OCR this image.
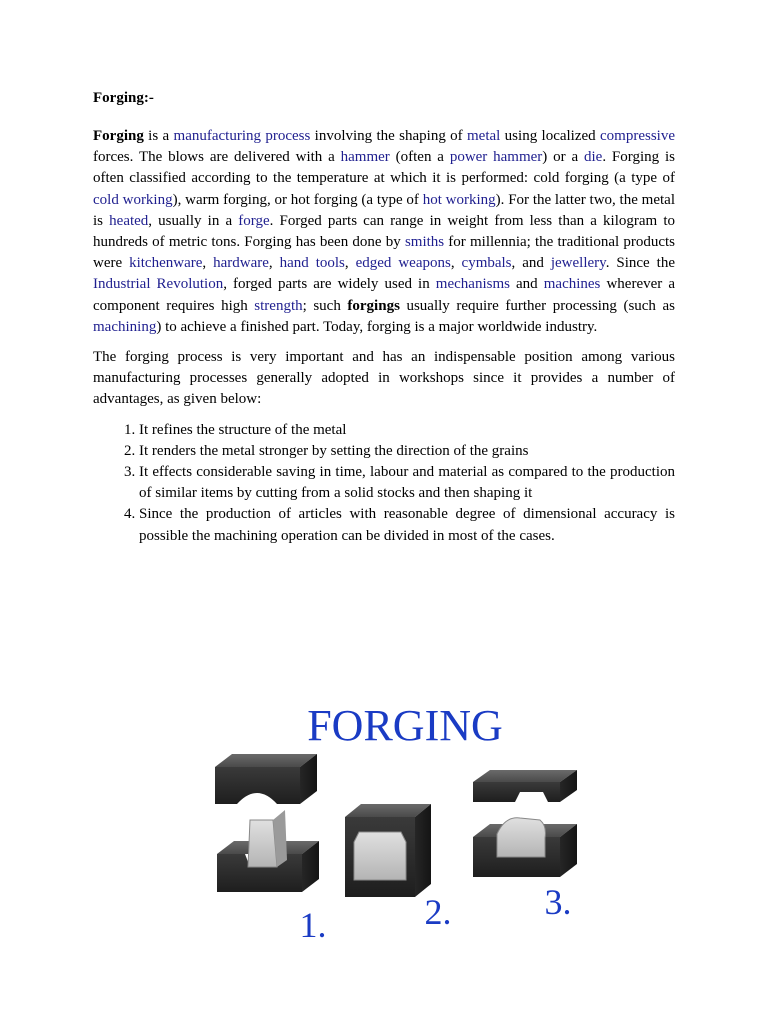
Forging:-

Forging is a manufacturing process involving the shaping of metal using localized compressive forces. The blows are delivered with a hammer (often a power hammer) or a die. Forging is often classified according to the temperature at which it is performed: cold forging (a type of cold working), warm forging, or hot forging (a type of hot working). For the latter two, the metal is heated, usually in a forge. Forged parts can range in weight from less than a kilogram to hundreds of metric tons. Forging has been done by smiths for millennia; the traditional products were kitchenware, hardware, hand tools, edged weapons, cymbals, and jewellery. Since the Industrial Revolution, forged parts are widely used in mechanisms and machines wherever a component requires high strength; such forgings usually require further processing (such as machining) to achieve a finished part. Today, forging is a major worldwide industry.

The forging process is very important and has an indispensable position among various manufacturing processes generally adopted in workshops since it provides a number of advantages, as given below:

1. It refines the structure of the metal
2. It renders the metal stronger by setting the direction of the grains
3. It effects considerable saving in time, labour and material as compared to the production of similar items by cutting from a solid stocks and then shaping it
4. Since the production of articles with reasonable degree of dimensional accuracy is possible the machining operation can be divided in most of the cases.
FORGING
1.	2.	3.
